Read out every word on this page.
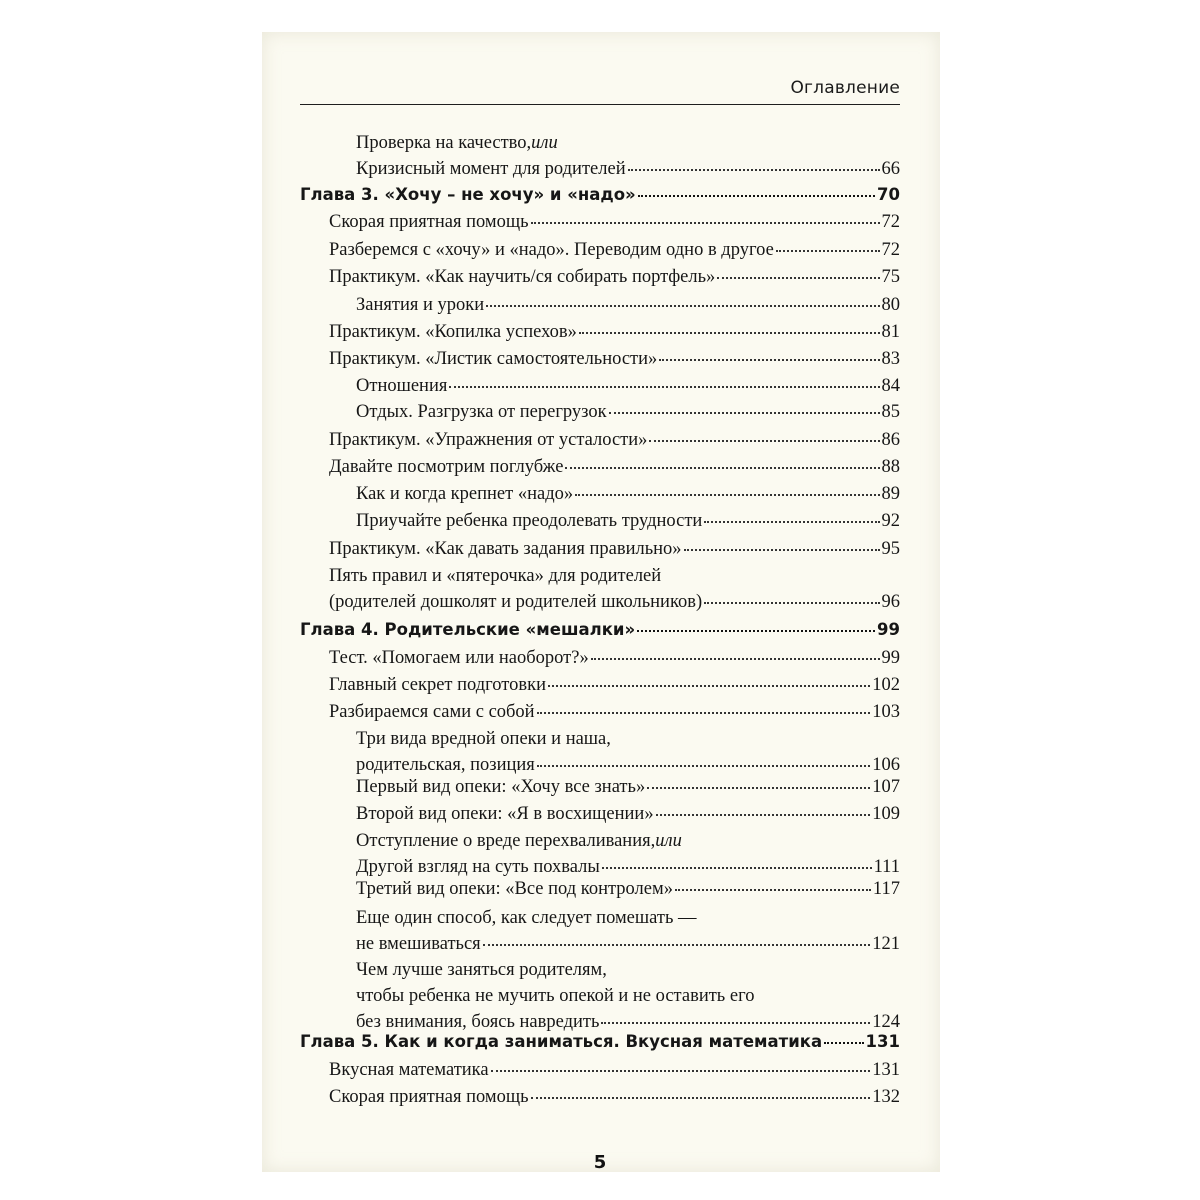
Оглавление
Проверка на качество, или
Кризисный момент для родителей	66
Глава 3. «Хочу – не хочу» и «надо»	70
Скорая приятная помощь	72
Разберемся с «хочу» и «надо». Переводим одно в другое	72
Практикум. «Как научить/ся собирать портфель»	75
Занятия и уроки	80
Практикум. «Копилка успехов»	81
Практикум. «Листик самостоятельности»	83
Отношения	84
Отдых. Разгрузка от перегрузок	85
Практикум. «Упражнения от усталости»	86
Давайте посмотрим поглубже	88
Как и когда крепнет «надо»	89
Приучайте ребенка преодолевать трудности	92
Практикум. «Как давать задания правильно»	95
Пять правил и «пятерочка» для родителей
(родителей дошколят и родителей школьников)	96
Глава 4. Родительские «мешалки»	99
Тест. «Помогаем или наоборот?»	99
Главный секрет подготовки	102
Разбираемся сами с собой	103
Три вида вредной опеки и наша,
родительская, позиция	106
Первый вид опеки: «Хочу все знать»	107
Второй вид опеки: «Я в восхищении»	109
Отступление о вреде перехваливания, или
Другой взгляд на суть похвалы	111
Третий вид опеки: «Все под контролем»	117
Еще один способ, как следует помешать —
не вмешиваться	121
Чем лучше заняться родителям,
чтобы ребенка не мучить опекой и не оставить его
без внимания, боясь навредить	124
Глава 5. Как и когда заниматься. Вкусная математика	131
Вкусная математика	131
Скорая приятная помощь	132
5
